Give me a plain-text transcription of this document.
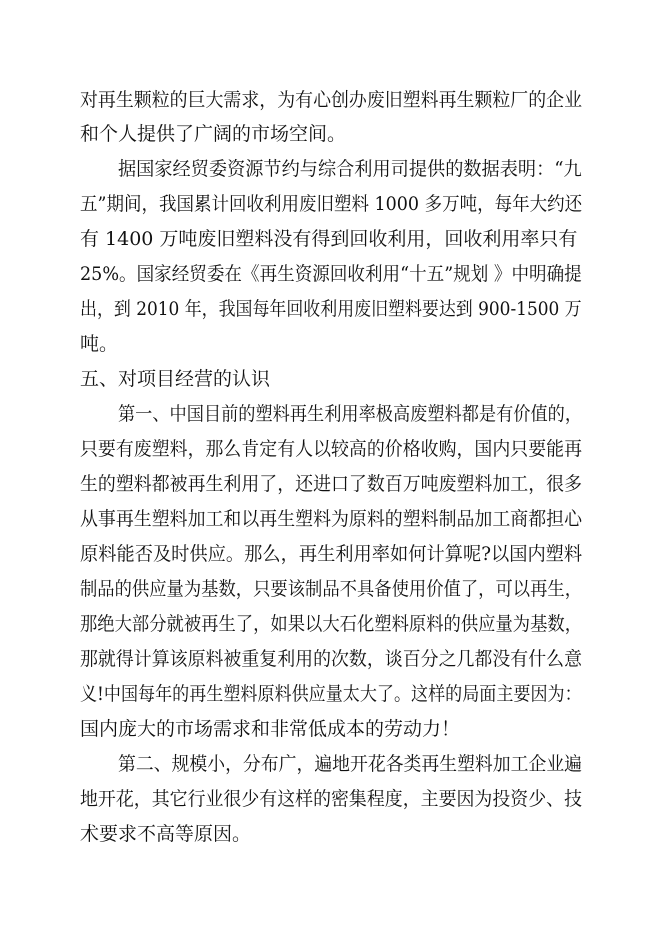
对再生颗粒的巨大需求，为有心创办废旧塑料再生颗粒厂的企业
和个人提供了广阔的市场空间。
据国家经贸委资源节约与综合利用司提供的数据表明：“九
五”期间，我国累计回收利用废旧塑料 1000 多万吨，每年大约还
有 1400 万吨废旧塑料没有得到回收利用，回收利用率只有
25%。国家经贸委在《再生资源回收利用“十五”规划 》中明确提
出，到 2010 年，我国每年回收利用废旧塑料要达到 900-1500 万
吨。
五、对项目经营的认识
第一、中国目前的塑料再生利用率极高废塑料都是有价值的，
只要有废塑料，那么肯定有人以较高的价格收购，国内只要能再
生的塑料都被再生利用了，还进口了数百万吨废塑料加工，很多
从事再生塑料加工和以再生塑料为原料的塑料制品加工商都担心
原料能否及时供应。那么，再生利用率如何计算呢?以国内塑料
制品的供应量为基数，只要该制品不具备使用价值了，可以再生，
那绝大部分就被再生了，如果以大石化塑料原料的供应量为基数，
那就得计算该原料被重复利用的次数，谈百分之几都没有什么意
义!中国每年的再生塑料原料供应量太大了。这样的局面主要因为：
国内庞大的市场需求和非常低成本的劳动力！
第二、规模小，分布广，遍地开花各类再生塑料加工企业遍
地开花，其它行业很少有这样的密集程度，主要因为投资少、技
术要求不高等原因。
